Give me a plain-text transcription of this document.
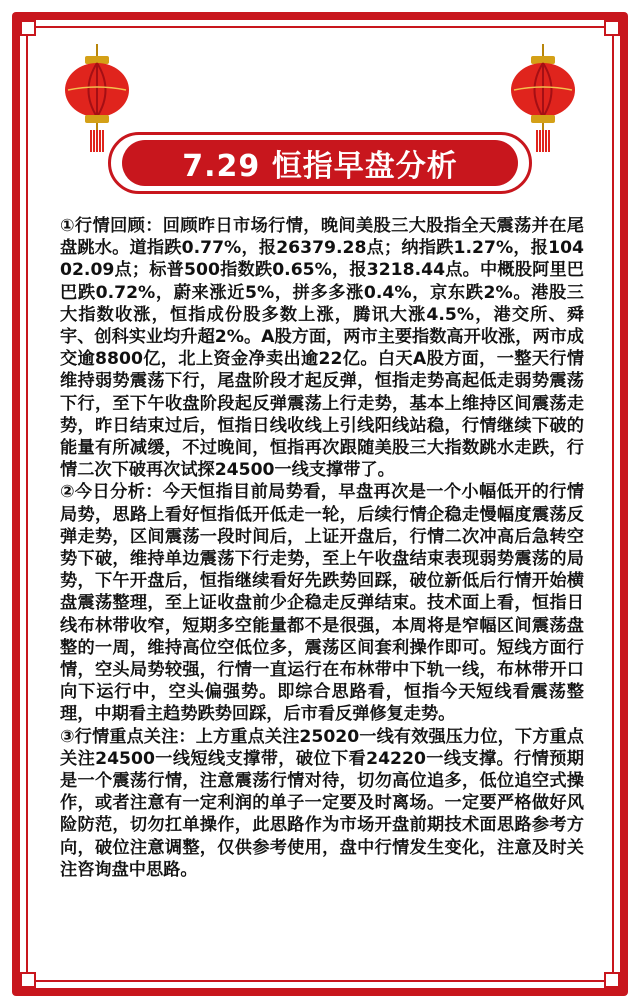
7.29 恒指早盘分析

①行情回顾：回顾昨日市场行情，晚间美股三大股指全天震荡并在尾盘跳水。道指跌0.77%，报26379.28点；纳指跌1.27%，报10402.09点；标普500指数跌0.65%，报3218.44点。中概股阿里巴巴跌0.72%，蔚来涨近5%，拼多多涨0.4%，京东跌2%。港股三大指数收涨，恒指成份股多数上涨，腾讯大涨4.5%，港交所、舜宇、创科实业均升超2%。A股方面，两市主要指数高开收涨，两市成交逾8800亿，北上资金净卖出逾22亿。白天A股方面，一整天行情维持弱势震荡下行，尾盘阶段才起反弹，恒指走势高起低走弱势震荡下行，至下午收盘阶段起反弹震荡上行走势，基本上维持区间震荡走势，昨日结束过后，恒指日线收线上引线阳线站稳，行情继续下破的能量有所减缓，不过晚间，恒指再次跟随美股三大指数跳水走跌，行情二次下破再次试探24500一线支撑带了。

②今日分析：今天恒指目前局势看，早盘再次是一个小幅低开的行情局势，思路上看好恒指低开低走一轮，后续行情企稳走慢幅度震荡反弹走势，区间震荡一段时间后，上证开盘后，行情二次冲高后急转空势下破，维持单边震荡下行走势，至上午收盘结束表现弱势震荡的局势，下午开盘后，恒指继续看好先跌势回踩，破位新低后行情开始横盘震荡整理，至上证收盘前少企稳走反弹结束。技术面上看，恒指日线布林带收窄，短期多空能量都不是很强，本周将是窄幅区间震荡盘整的一周，维持高位空低位多，震荡区间套利操作即可。短线方面行情，空头局势较强，行情一直运行在布林带中下轨一线，布林带开口向下运行中，空头偏强势。即综合思路看，恒指今天短线看震荡整理，中期看主趋势跌势回踩，后市看反弹修复走势。

③行情重点关注：上方重点关注25020一线有效强压力位，下方重点关注24500一线短线支撑带，破位下看24220一线支撑。行情预期是一个震荡行情，注意震荡行情对待，切勿高位追多，低位追空式操作，或者注意有一定利润的单子一定要及时离场。一定要严格做好风险防范，切勿扛单操作，此思路作为市场开盘前期技术面思路参考方向，破位注意调整，仅供参考使用，盘中行情发生变化，注意及时关注咨询盘中思路。
